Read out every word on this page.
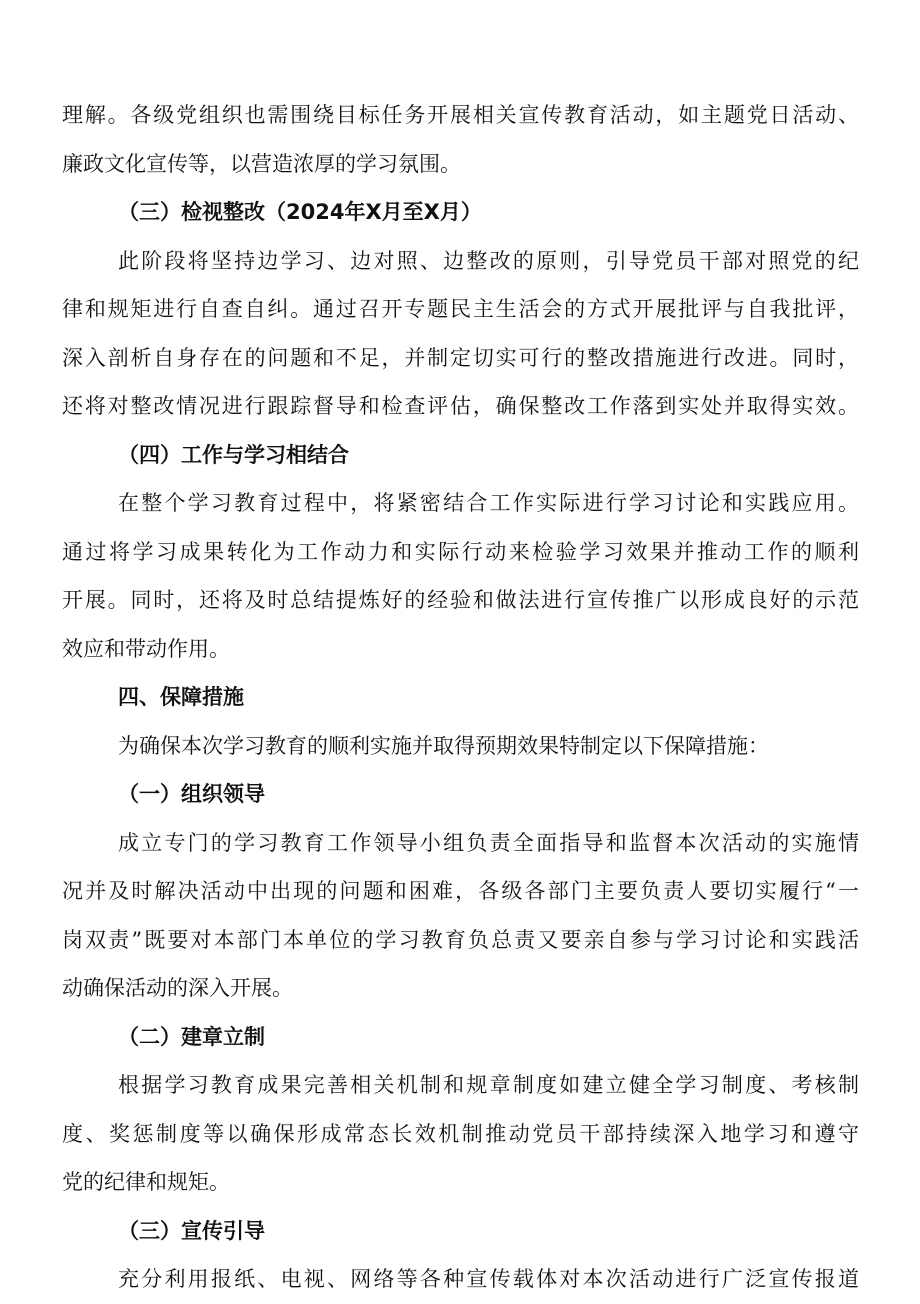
理解。各级党组织也需围绕目标任务开展相关宣传教育活动，如主题党日活动、
廉政文化宣传等，以营造浓厚的学习氛围。
（三）检视整改（2024年X月至X月）
此阶段将坚持边学习、边对照、边整改的原则，引导党员干部对照党的纪
律和规矩进行自查自纠。通过召开专题民主生活会的方式开展批评与自我批评，
深入剖析自身存在的问题和不足，并制定切实可行的整改措施进行改进。同时，
还将对整改情况进行跟踪督导和检查评估，确保整改工作落到实处并取得实效。
（四）工作与学习相结合
在整个学习教育过程中，将紧密结合工作实际进行学习讨论和实践应用。
通过将学习成果转化为工作动力和实际行动来检验学习效果并推动工作的顺利
开展。同时，还将及时总结提炼好的经验和做法进行宣传推广以形成良好的示范
效应和带动作用。
四、保障措施
为确保本次学习教育的顺利实施并取得预期效果特制定以下保障措施：
（一）组织领导
成立专门的学习教育工作领导小组负责全面指导和监督本次活动的实施情
况并及时解决活动中出现的问题和困难，各级各部门主要负责人要切实履行“一
岗双责”既要对本部门本单位的学习教育负总责又要亲自参与学习讨论和实践活
动确保活动的深入开展。
（二）建章立制
根据学习教育成果完善相关机制和规章制度如建立健全学习制度、考核制
度、奖惩制度等以确保形成常态长效机制推动党员干部持续深入地学习和遵守
党的纪律和规矩。
（三）宣传引导
充分利用报纸、电视、网络等各种宣传载体对本次活动进行广泛宣传报道
